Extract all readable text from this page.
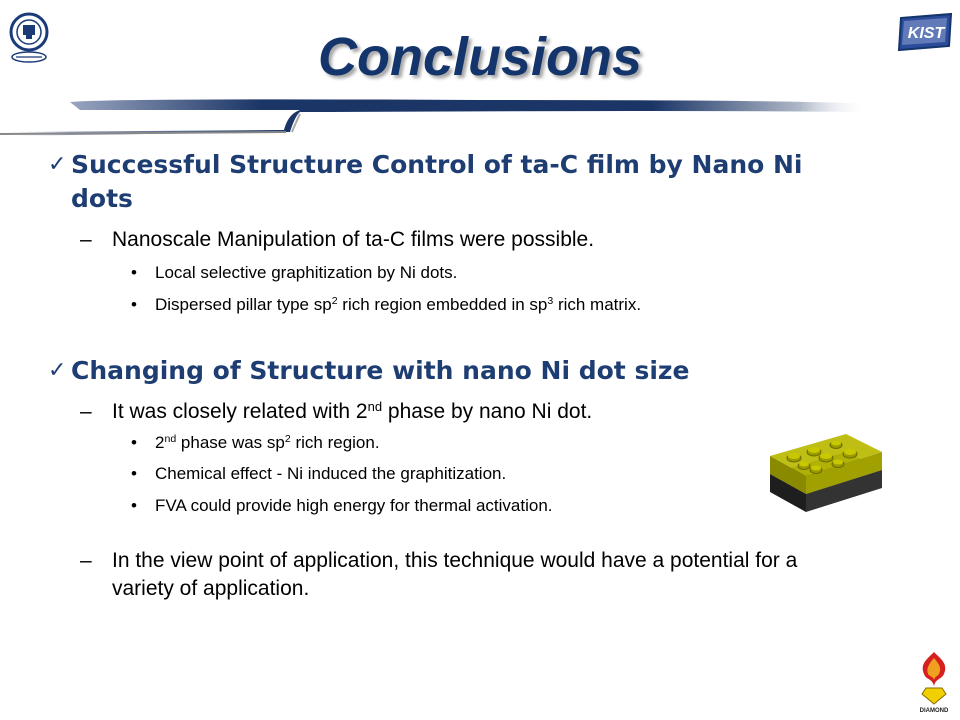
KIST
Conclusions
✓ Successful Structure Control of ta-C film by Nano Ni dots
– Nanoscale Manipulation of ta-C films were possible.
• Local selective graphitization by Ni dots.
• Dispersed pillar type $sp^2$ rich region embedded in $sp^3$ rich matrix.
✓ Changing of Structure with nano Ni dot size
– It was closely related with 2nd phase by nano Ni dot.
• 2nd phase was $sp^2$ rich region.
• Chemical effect - Ni induced the graphitization.
• FVA could provide high energy for thermal activation.
– In the view point of application, this technique would have a potential for a variety of application.
DIAMOND
